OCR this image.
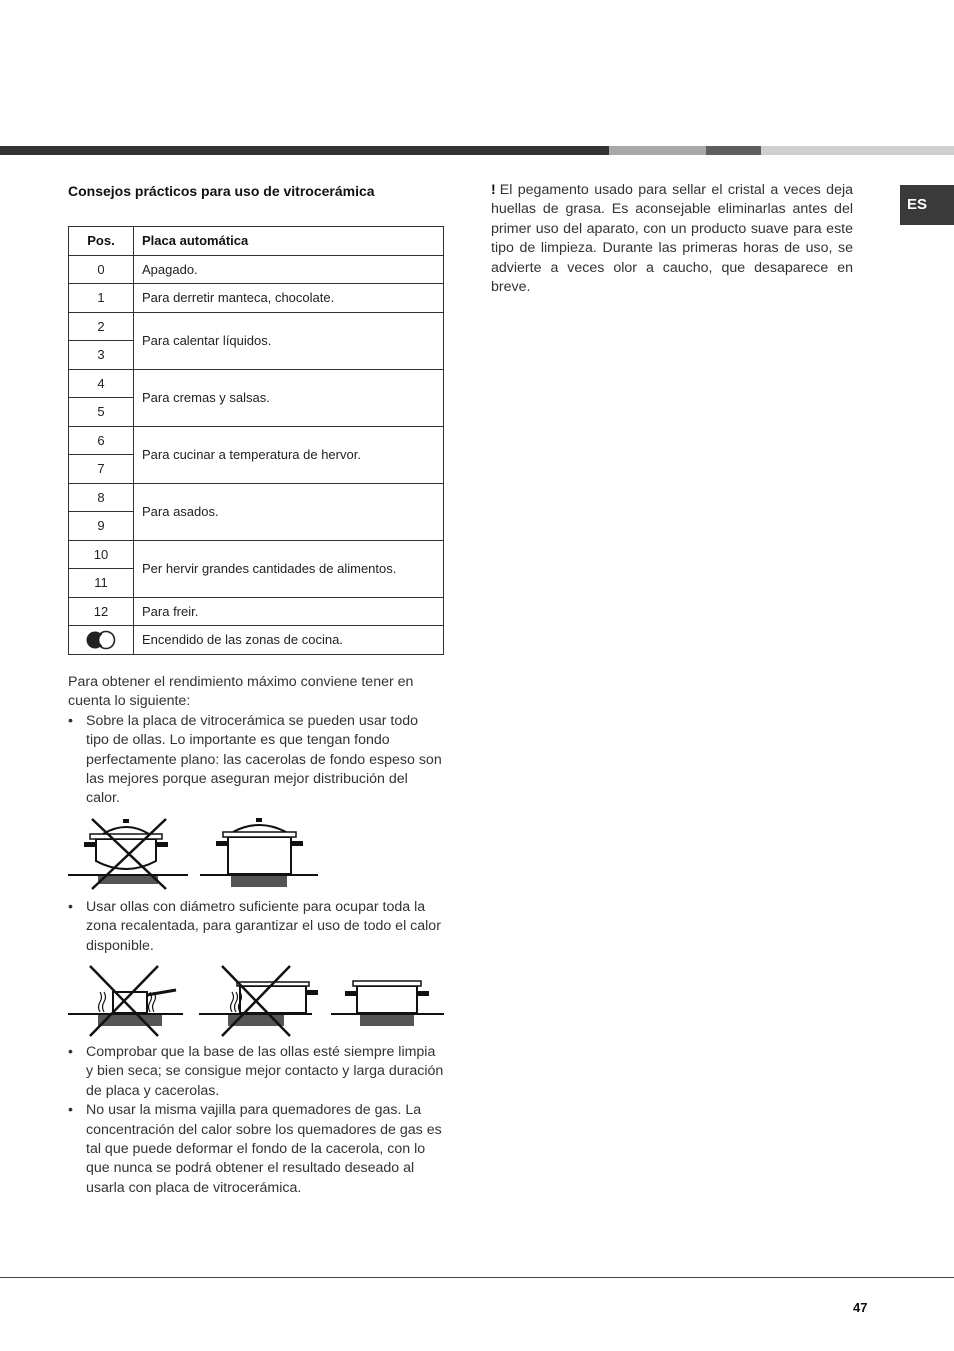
ES
Consejos prácticos para uso de vitrocerámica
Pos.	Placa automática
0	Apagado.
1	Para derretir manteca, chocolate.
2	Para calentar líquidos.
3	
4	Para cremas y salsas.
5	
6	Para cucinar a temperatura de hervor.
7	
8	Para asados.
9	
10	Per hervir grandes cantidades de alimentos.
11	
12	Para freir.

	Encendido de las zonas de cocina.

Para obtener el rendimiento máximo conviene tener en cuenta lo siguiente:

• Sobre la placa de vitrocerámica se pueden usar todo tipo de ollas. Lo importante es que tengan fondo perfectamente plano: las cacerolas de fondo espeso son las mejores porque aseguran mejor distribución del calor.
• Usar ollas con diámetro suficiente para ocupar toda la zona recalentada, para garantizar el uso de todo el calor disponible.
• Comprobar que la base de las ollas esté siempre limpia y bien seca; se consigue mejor contacto y larga duración de placa y cacerolas.
• No usar la misma vajilla para quemadores de gas. La concentración del calor sobre los quemadores de gas es tal que puede deformar el fondo de la cacerola, con lo que nunca se podrá obtener el resultado deseado al usarla con placa de vitrocerámica.
! El pegamento usado para sellar el cristal a veces deja huellas de grasa. Es aconsejable eliminarlas antes del primer uso del aparato, con un producto suave para este tipo de limpieza. Durante las primeras horas de uso, se advierte a veces olor a caucho, que desaparece en breve.
47
